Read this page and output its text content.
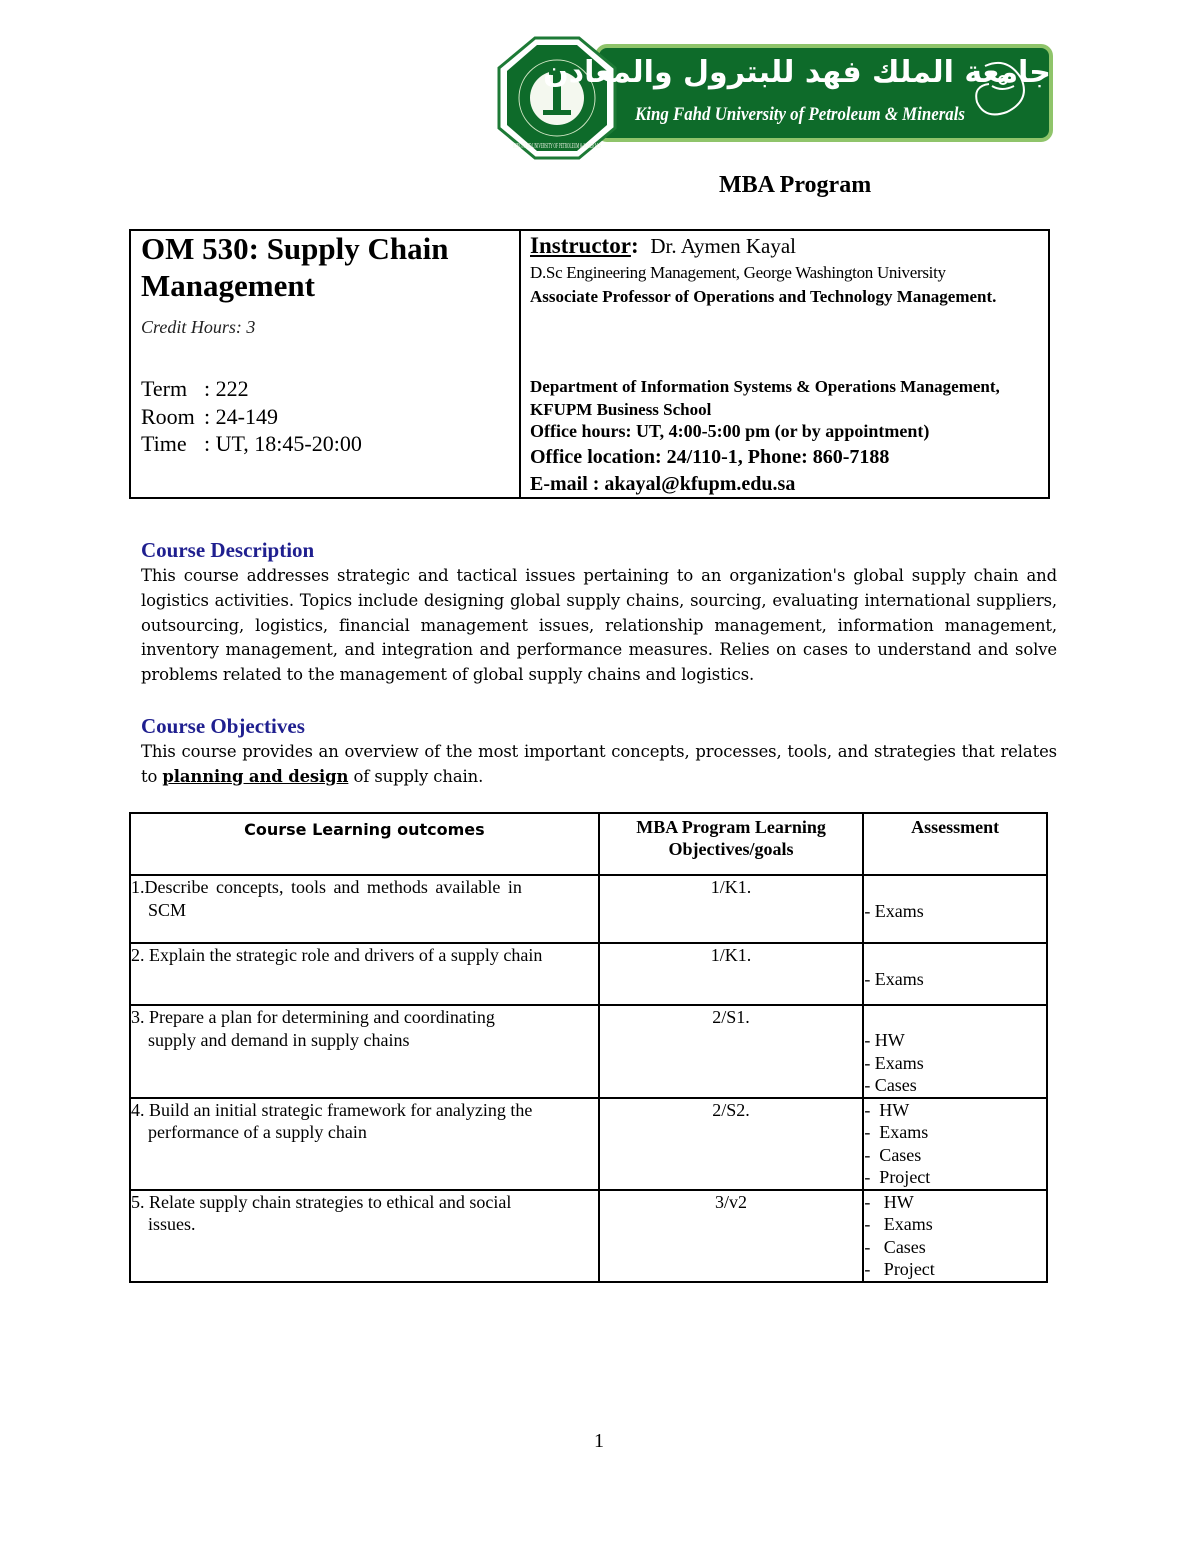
KING FAHD UNIVERSITY OF PETROLEUM & MINERALS
جامعة الملك فهد للبترول والمعادن
King Fahd University of Petroleum & Minerals
MBA Program
OM 530: Supply Chain Management
Credit Hours: 3
Term : 222
Room : 24-149
Time : UT, 18:45-20:00
Instructor: Dr. Aymen Kayal
D.Sc Engineering Management, George Washington University
Associate Professor of Operations and Technology Management.
Department of Information Systems & Operations Management, KFUPM Business School
Office hours: UT, 4:00-5:00 pm (or by appointment)
Office location: 24/110-1, Phone: 860-7188
E-mail : akayal@kfupm.edu.sa
Course Description
This course addresses strategic and tactical issues pertaining to an organization's global supply chain and logistics activities. Topics include designing global supply chains, sourcing, evaluating international suppliers, outsourcing, logistics, financial management issues, relationship management, information management, inventory management, and integration and performance measures. Relies on cases to understand and solve problems related to the management of global supply chains and logistics.
Course Objectives
This course provides an overview of the most important concepts, processes, tools, and strategies that relates to planning and design of supply chain.
Course Learning outcomes	MBA Program Learning Objectives/goals	Assessment
1.Describe concepts, tools and methods available in
SCM	1/K1.	- Exams

2. Explain the strategic role and drivers of a supply chain	1/K1.	- Exams

3. Prepare a plan for determining and coordinating
supply and demand in supply chains	2/S1.	- HW
- Exams
- Cases

4. Build an initial strategic framework for analyzing the
performance of a supply chain	2/S2.	-  HW
-  Exams
-  Cases
-  Project

5. Relate supply chain strategies to ethical and social
issues.	3/v2	-   HW
-   Exams
-   Cases
-   Project
1
